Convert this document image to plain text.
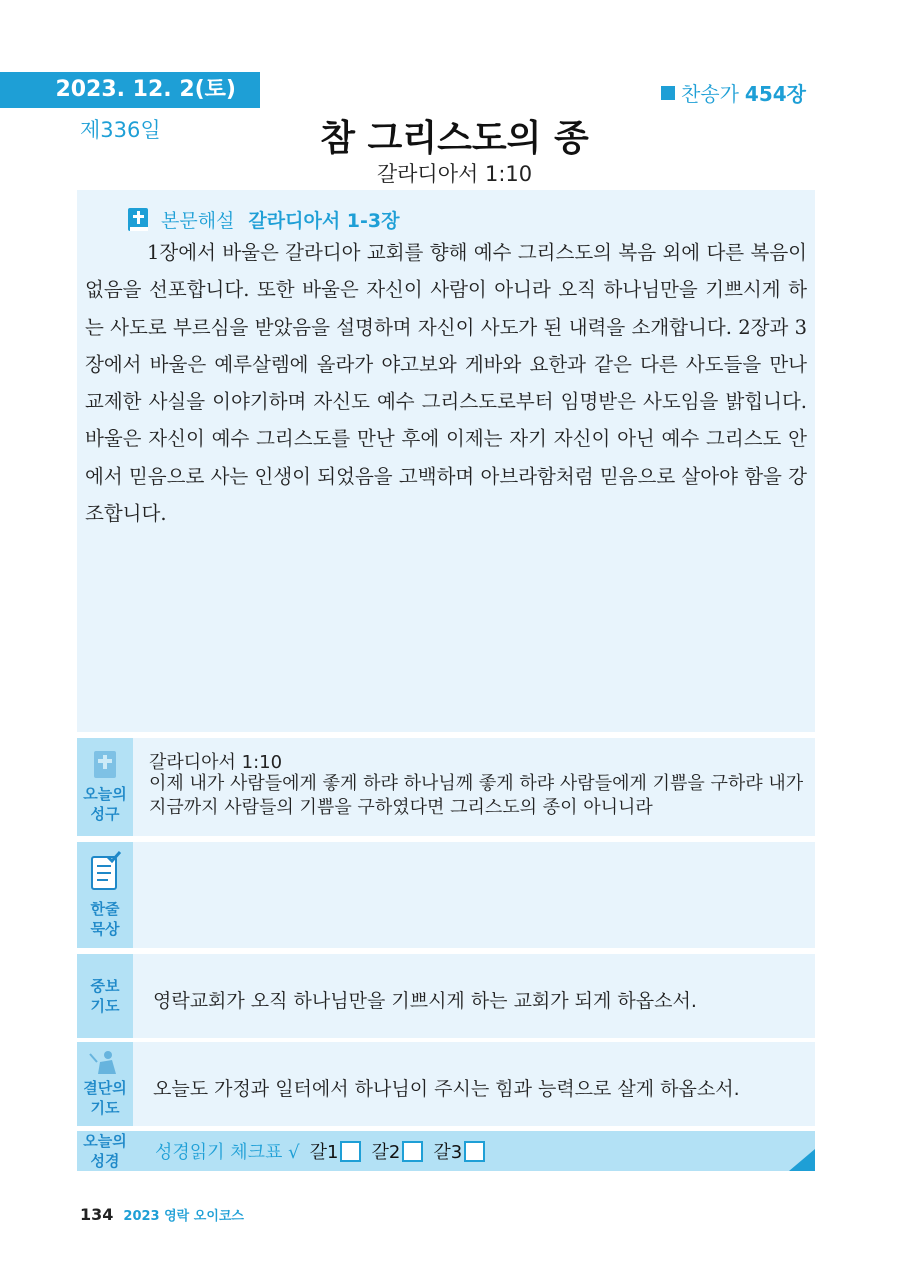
2023. 12. 2(토)
제336일
찬송가 454장
참 그리스도의 종
갈라디아서 1:10
본문해설 갈라디아서 1-3장

1장에서 바울은 갈라디아 교회를 향해 예수 그리스도의 복음 외에 다른 복음이 없음을 선포합니다. 또한 바울은 자신이 사람이 아니라 오직 하나님만을 기쁘시게 하는 사도로 부르심을 받았음을 설명하며 자신이 사도가 된 내력을 소개합니다. 2장과 3장에서 바울은 예루살렘에 올라가 야고보와 게바와 요한과 같은 다른 사도들을 만나 교제한 사실을 이야기하며 자신도 예수 그리스도로부터 임명받은 사도임을 밝힙니다. 바울은 자신이 예수 그리스도를 만난 후에 이제는 자기 자신이 아닌 예수 그리스도 안에서 믿음으로 사는 인생이 되었음을 고백하며 아브라함처럼 믿음으로 살아야 함을 강조합니다.

오늘의
성구
갈라디아서 1:10
이제 내가 사람들에게 좋게 하랴 하나님께 좋게 하랴 사람들에게 기쁨을 구하랴 내가 지금까지 사람들의 기쁨을 구하였다면 그리스도의 종이 아니니라
한줄
묵상
중보
기도 영락교회가 오직 하나님만을 기쁘시게 하는 교회가 되게 하옵소서.
결단의
기도
오늘도 가정과 일터에서 하나님이 주시는 힘과 능력으로 살게 하옵소서.
오늘의
성경 성경읽기 체크표 √ 갈1 갈2 갈3
134 2023 영락 오이코스
